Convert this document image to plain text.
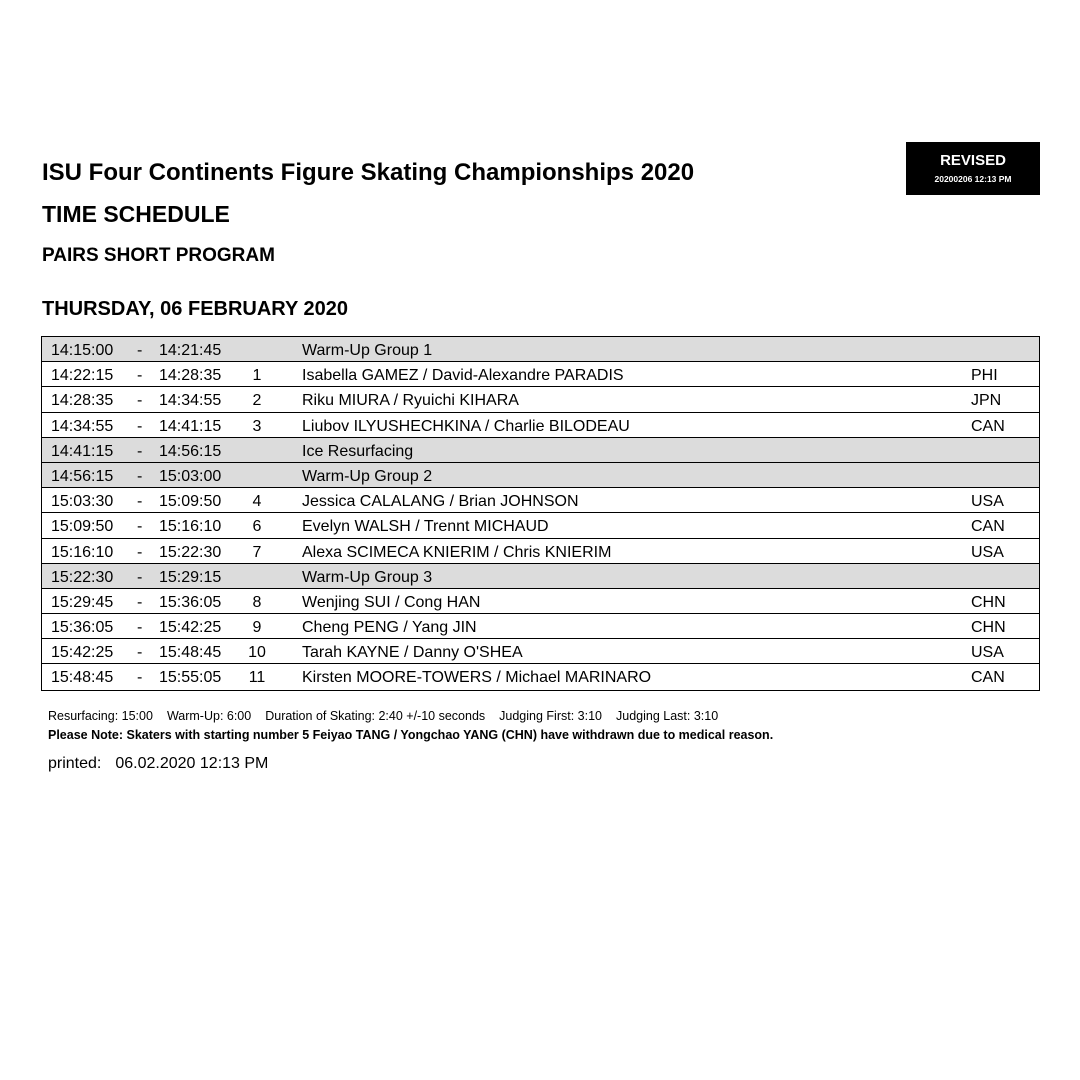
REVISED
20200206 12:13 PM
ISU Four Continents Figure Skating Championships 2020
TIME SCHEDULE
PAIRS SHORT PROGRAM
THURSDAY, 06 FEBRUARY 2020
14:15:00 - 14:21:45	Warm-Up Group 1
14:22:15 - 14:28:35	1	Isabella GAMEZ / David-Alexandre PARADIS	PHI
14:28:35 - 14:34:55	2	Riku MIURA / Ryuichi KIHARA	JPN
14:34:55 - 14:41:15	3	Liubov ILYUSHECHKINA / Charlie BILODEAU	CAN
14:41:15 - 14:56:15	Ice Resurfacing
14:56:15 - 15:03:00	Warm-Up Group 2
15:03:30 - 15:09:50	4	Jessica CALALANG / Brian JOHNSON	USA
15:09:50 - 15:16:10	6	Evelyn WALSH / Trennt MICHAUD	CAN
15:16:10 - 15:22:30	7	Alexa SCIMECA KNIERIM / Chris KNIERIM	USA
15:22:30 - 15:29:15	Warm-Up Group 3
15:29:45 - 15:36:05	8	Wenjing SUI / Cong HAN	CHN
15:36:05 - 15:42:25	9	Cheng PENG / Yang JIN	CHN
15:42:25 - 15:48:45	10	Tarah KAYNE / Danny O'SHEA	USA
15:48:45 - 15:55:05	11	Kirsten MOORE-TOWERS / Michael MARINARO	CAN
Resurfacing: 15:00 Warm-Up: 6:00 Duration of Skating: 2:40 +/-10 seconds Judging First: 3:10 Judging Last: 3:10
Please Note: Skaters with starting number 5 Feiyao TANG / Yongchao YANG (CHN) have withdrawn due to medical reason.
printed: 06.02.2020 12:13 PM
